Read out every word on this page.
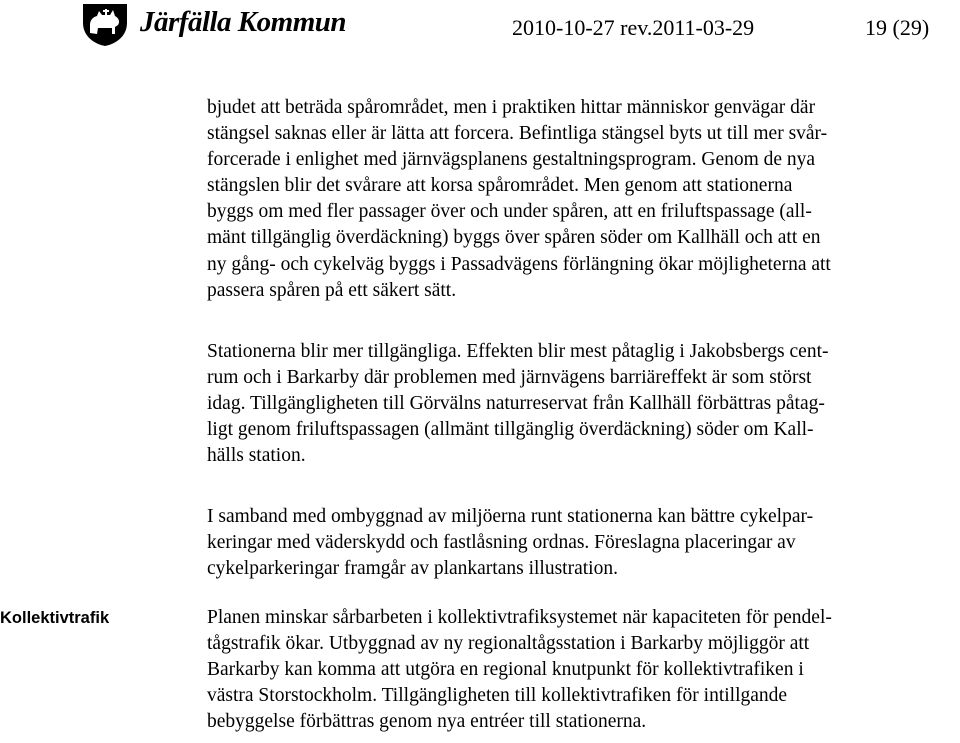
Järfälla Kommun	2010-10-27 rev.2011-03-29	19 (29)
Kollektivtrafik
bjudet att beträda spårområdet, men i praktiken hittar människor genvägar där
stängsel saknas eller är lätta att forcera. Befintliga stängsel byts ut till mer svår-
forcerade i enlighet med järnvägsplanens gestaltningsprogram. Genom de nya
stängslen blir det svårare att korsa spårområdet. Men genom att stationerna
byggs om med fler passager över och under spåren, att en friluftspassage (all-
mänt tillgänglig överdäckning) byggs över spåren söder om Kallhäll och att en
ny gång- och cykelväg byggs i Passadvägens förlängning ökar möjligheterna att
passera spåren på ett säkert sätt.
Stationerna blir mer tillgängliga. Effekten blir mest påtaglig i Jakobsbergs cent-
rum och i Barkarby där problemen med järnvägens barriäreffekt är som störst
idag. Tillgängligheten till Görvälns naturreservat från Kallhäll förbättras påtag-
ligt genom friluftspassagen (allmänt tillgänglig överdäckning) söder om Kall-
hälls station.
I samband med ombyggnad av miljöerna runt stationerna kan bättre cykelpar-
keringar med väderskydd och fastlåsning ordnas. Föreslagna placeringar av
cykelparkeringar framgår av plankartans illustration.
Planen minskar sårbarbeten i kollektivtrafiksystemet när kapaciteten för pendel-
tågstrafik ökar. Utbyggnad av ny regionaltågsstation i Barkarby möjliggör att
Barkarby kan komma att utgöra en regional knutpunkt för kollektivtrafiken i
västra Storstockholm. Tillgängligheten till kollektivtrafiken för intillgande
bebyggelse förbättras genom nya entréer till stationerna.
